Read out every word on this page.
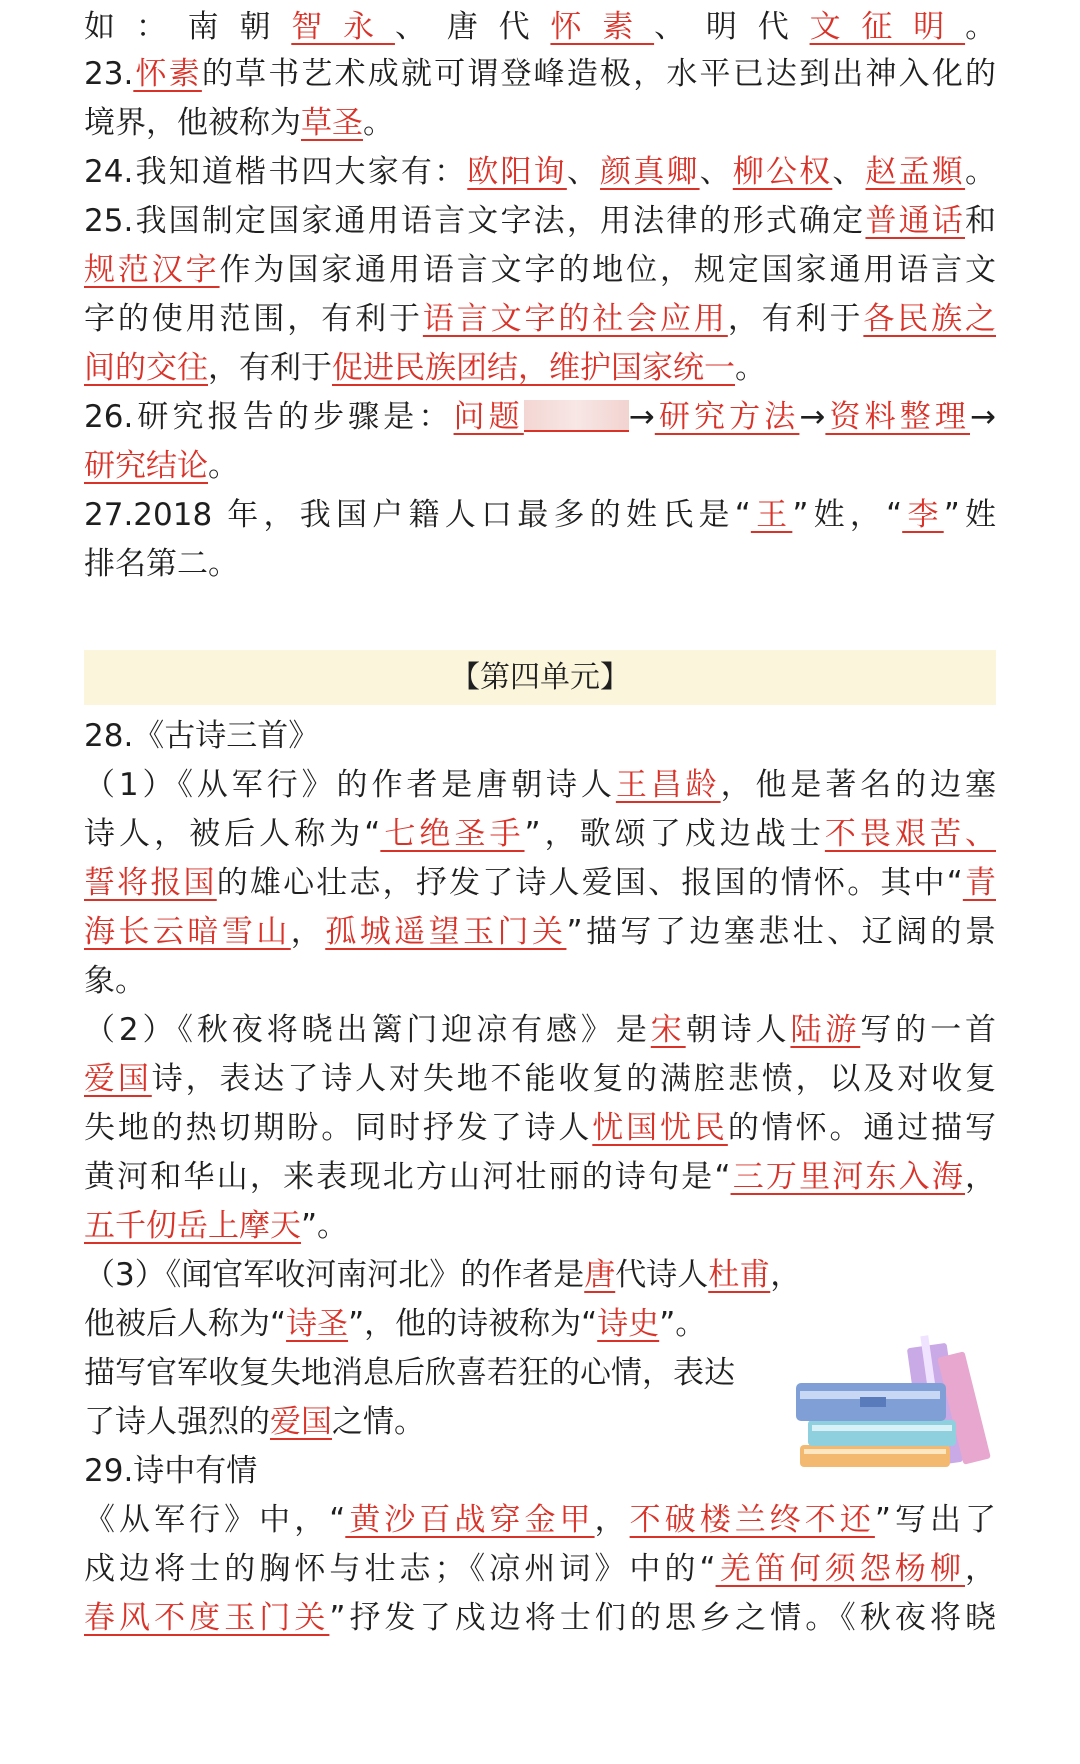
如：南朝智永、唐代怀素、明代文征明。
23.怀素的草书艺术成就可谓登峰造极，水平已达到出神入化的
境界，他被称为草圣。
24.我知道楷书四大家有：欧阳询、颜真卿、柳公权、赵孟頫。
25.我国制定国家通用语言文字法，用法律的形式确定普通话和
规范汉字作为国家通用语言文字的地位，规定国家通用语言文
字的使用范围，有利于语言文字的社会应用，有利于各民族之
间的交往，有利于促进民族团结，维护国家统一。
26.研究报告的步骤是：问题	→研究方法→资料整理→
研究结论。
27.2018 年，我国户籍人口最多的姓氏是“王”姓，“李”姓
排名第二。
【第四单元】
28.《古诗三首》
（1）《从军行》的作者是唐朝诗人王昌龄，他是著名的边塞
诗人，被后人称为“七绝圣手”，歌颂了戍边战士不畏艰苦、
誓将报国的雄心壮志，抒发了诗人爱国、报国的情怀。其中“青
海长云暗雪山，孤城遥望玉门关”描写了边塞悲壮、辽阔的景
象。
（2）《秋夜将晓出篱门迎凉有感》是宋朝诗人陆游写的一首
爱国诗，表达了诗人对失地不能收复的满腔悲愤，以及对收复
失地的热切期盼。同时抒发了诗人忧国忧民的情怀。通过描写
黄河和华山，来表现北方山河壮丽的诗句是“三万里河东入海，
五千仞岳上摩天”。
（3）《闻官军收河南河北》的作者是唐代诗人杜甫，
他被后人称为“诗圣”，他的诗被称为“诗史”。
描写官军收复失地消息后欣喜若狂的心情，表达
了诗人强烈的爱国之情。
29.诗中有情
《从军行》中，“黄沙百战穿金甲，不破楼兰终不还”写出了
戍边将士的胸怀与壮志；《凉州词》中的“羌笛何须怨杨柳，
春风不度玉门关”抒发了戍边将士们的思乡之情。《秋夜将晓
